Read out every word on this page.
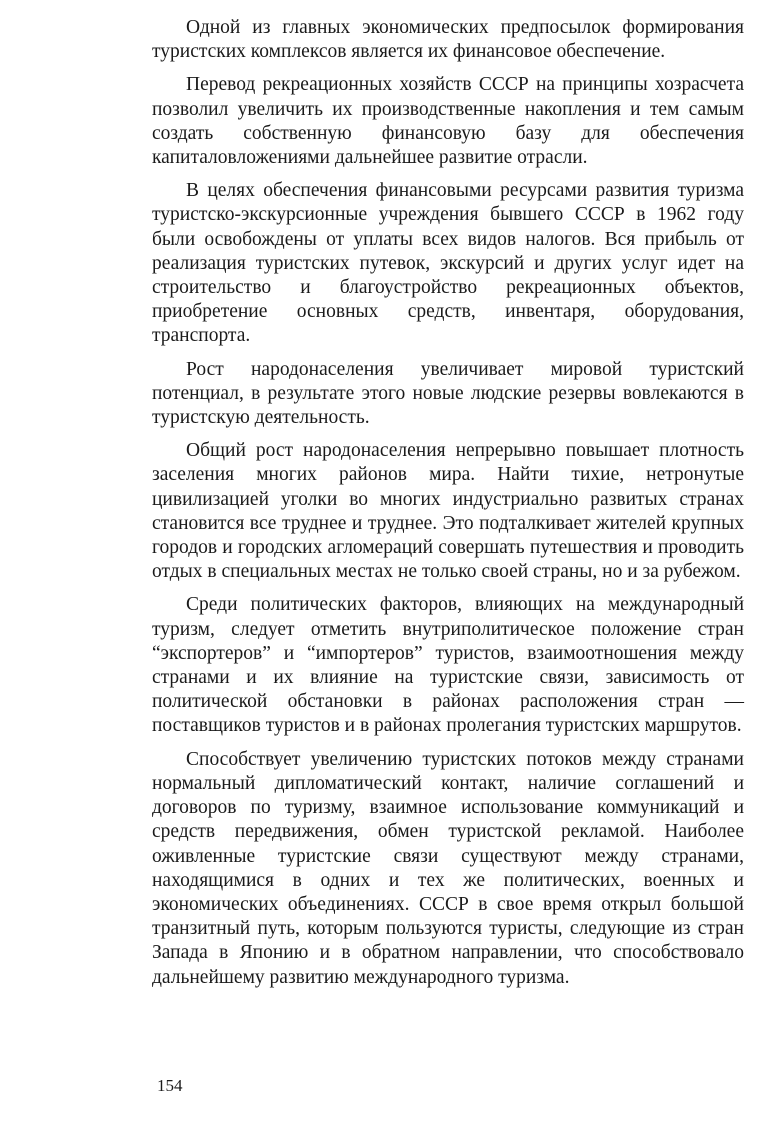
Одной из главных экономических предпосылок формирования туристских комплексов является их финансовое обеспечение.

Перевод рекреационных хозяйств СССР на принципы хозрасчета позволил увеличить их производственные накопления и тем самым создать собственную финансовую базу для обеспечения капиталовложениями дальнейшее развитие отрасли.

В целях обеспечения финансовыми ресурсами развития туризма туристско-экскурсионные учреждения бывшего СССР в 1962 году были освобождены от уплаты всех видов налогов. Вся прибыль от реализация туристских путевок, экскурсий и других услуг идет на строительство и благоустройство рекреационных объектов, приобретение основных средств, инвентаря, оборудования, транспорта.

Рост народонаселения увеличивает мировой туристский потенциал, в результате этого новые людские резервы вовлекаются в туристскую деятельность.

Общий рост народонаселения непрерывно повышает плотность заселения многих районов мира. Найти тихие, нетронутые цивилизацией уголки во многих индустриально развитых странах становится все труднее и труднее. Это подталкивает жителей крупных городов и городских агломераций совершать путешествия и проводить отдых в специальных местах не только своей страны, но и за рубежом.

Среди политических факторов, влияющих на международный туризм, следует отметить внутриполитическое положение стран “экспортеров” и “импортеров” туристов, взаимоотношения между странами и их влияние на туристские связи, зависимость от политической обстановки в районах расположения стран — поставщиков туристов и в районах пролегания туристских маршрутов.

Способствует увеличению туристских потоков между странами нормальный дипломатический контакт, наличие соглашений и договоров по туризму, взаимное использование коммуникаций и средств передвижения, обмен туристской рекламой. Наиболее оживленные туристские связи существуют между странами, находящимися в одних и тех же политических, военных и экономических объединениях. СССР в свое время открыл большой транзитный путь, которым пользуются туристы, следующие из стран Запада в Японию и в обратном направлении, что способствовало дальнейшему развитию международного туризма.

154
